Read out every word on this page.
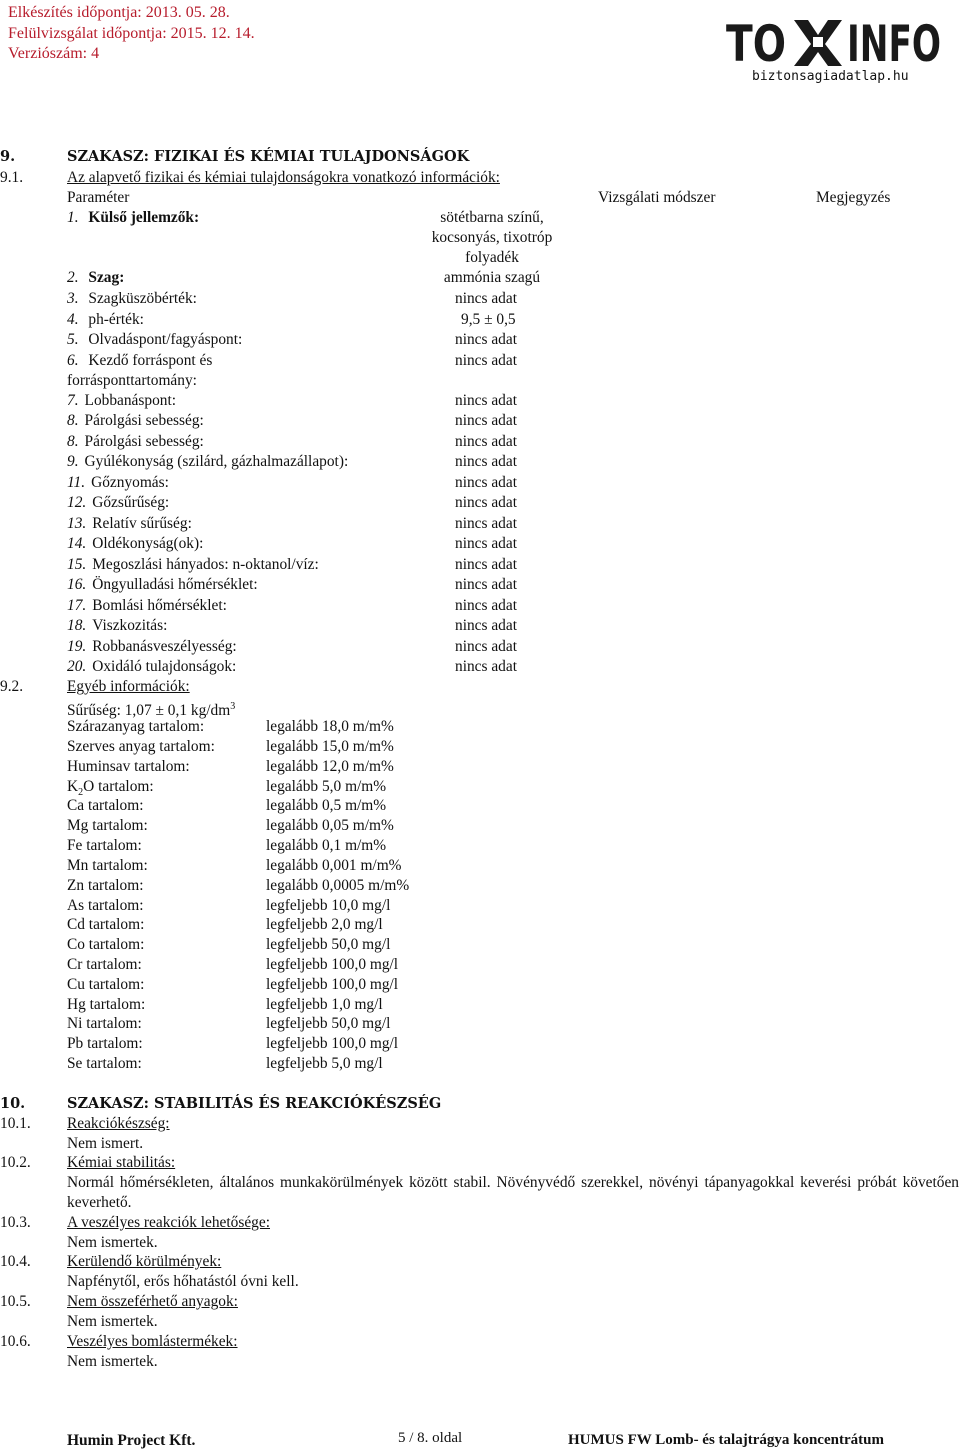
Elkészítés időpontja: 2013. 05. 28.
Felülvizsgálat időpontja: 2015. 12. 14.
Verziószám: 4	TO INFO
biztonsagiadatlap.hu
9.	SZAKASZ: FIZIKAI ÉS KÉMIAI TULAJDONSÁGOK
9.1.	Az alapvető fizikai és kémiai tulajdonságokra vonatkozó információk:
Paraméter	Vizsgálati módszer	Megjegyzés
1. Külső jellemzők:	sötétbarna színű,
kocsonyás, tixotróp
folyadék
2. Szag:	ammónia szagú
3. Szagküszöbérték:	nincs adat
4. ph-érték:	9,5 ± 0,5
5. Olvadáspont/fagyáspont:	nincs adat
6. Kezdő forráspont és	nincs adat
forrásponttartomány:
7. Lobbanáspont:	nincs adat
8. Párolgási sebesség:	nincs adat
8. Párolgási sebesség:	nincs adat
9. Gyúlékonyság (szilárd, gázhalmazállapot):	nincs adat
11. Gőznyomás:	nincs adat
12. Gőzsűrűség:	nincs adat
13. Relatív sűrűség:	nincs adat
14. Oldékonyság(ok):	nincs adat
15. Megoszlási hányados: n-oktanol/víz:	nincs adat
16. Öngyulladási hőmérséklet:	nincs adat
17. Bomlási hőmérséklet:	nincs adat
18. Viszkozitás:	nincs adat
19. Robbanásveszélyesség:	nincs adat
20. Oxidáló tulajdonságok:	nincs adat
9.2.	Egyéb információk:
Sűrűség: 1,07 ± 0,1 $kg/dm^3$
Szárazanyag tartalom:	legalább 18,0 m/m%
Szerves anyag tartalom:	legalább 15,0 m/m%
Huminsav tartalom:	legalább 12,0 m/m%
$K_2O$ tartalom:	legalább 5,0 m/m%
Ca tartalom:	legalább 0,5 m/m%
Mg tartalom:	legalább 0,05 m/m%
Fe tartalom:	legalább 0,1 m/m%
Mn tartalom:	legalább 0,001 m/m%
Zn tartalom:	legalább 0,0005 m/m%
As tartalom:	legfeljebb 10,0 mg/l
Cd tartalom:	legfeljebb 2,0 mg/l
Co tartalom:	legfeljebb 50,0 mg/l
Cr tartalom:	legfeljebb 100,0 mg/l
Cu tartalom:	legfeljebb 100,0 mg/l
Hg tartalom:	legfeljebb 1,0 mg/l
Ni tartalom:	legfeljebb 50,0 mg/l
Pb tartalom:	legfeljebb 100,0 mg/l
Se tartalom:	legfeljebb 5,0 mg/l
10.	SZAKASZ: STABILITÁS ÉS REAKCIÓKÉSZSÉG
10.1. Reakciókészség:
Nem ismert.
10.2. Kémiai stabilitás:
Normál hőmérsékleten, általános munkakörülmények között stabil. Növényvédő szerekkel, növényi tápanyagokkal keverési próbát követően keverhető.
10.3. A veszélyes reakciók lehetősége:
Nem ismertek.
10.4. Kerülendő körülmények:
Napfénytől, erős hőhatástól óvni kell.
10.5. Nem összeférhető anyagok:
Nem ismertek.
10.6. Veszélyes bomlástermékek:
Nem ismertek.
Humin Project Kft.	5 / 8. oldal	HUMUS FW Lomb- és talajtrágya koncentrátum
